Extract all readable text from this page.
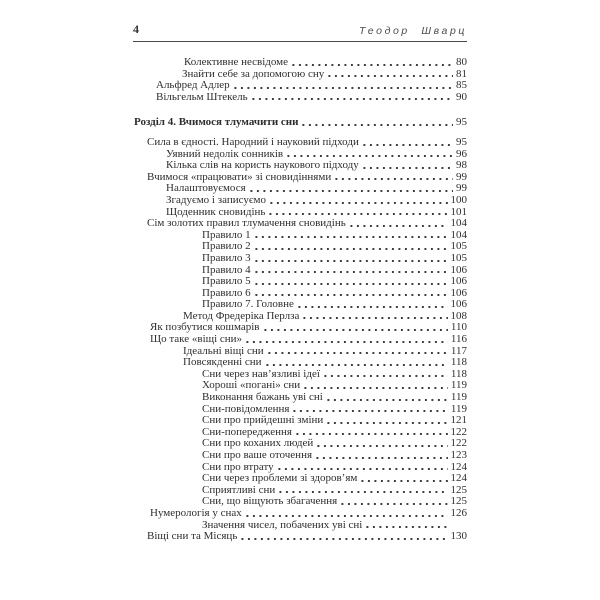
4	Теодор Шварц
Колективне несвідоме	80
Знайти себе за допомогою сну	81
Альфред Адлер	85
Вільгельм Штекель	90
Розділ 4. Вчимося тлумачити сни	95
Сила в єдності. Народний і науковий підходи	95
Уявний недолік сонників	96
Кілька слів на користь наукового підходу	98
Вчимося «працювати» зі сновидіннями	99
Налаштовуємося	99
Згадуємо і записуємо	100
Щоденник сновидінь	101
Сім золотих правил тлумачення сновидінь	104
Правило 1	104
Правило 2	105
Правило 3	105
Правило 4	106
Правило 5	106
Правило 6	106
Правило 7. Головне	106
Метод Фредеріка Перлза	108
Як позбутися кошмарів	110
Що таке «віщі сни»	116
Ідеальні віщі сни	117
Повсякденні сни	118
Сни через нав’язливі ідеї	118
Хороші «погані» сни	119
Виконання бажань уві сні	119
Сни-повідомлення	119
Сни про прийдешні зміни	121
Сни-попередження	122
Сни про коханих людей	122
Сни про ваше оточення	123
Сни про втрату	124
Сни через проблеми зі здоров’ям	124
Сприятливі сни	125
Сни, що віщують збагачення	125
Нумерологія у снах	126
Значення чисел, побачених уві сні
Віщі сни та Місяць	130
